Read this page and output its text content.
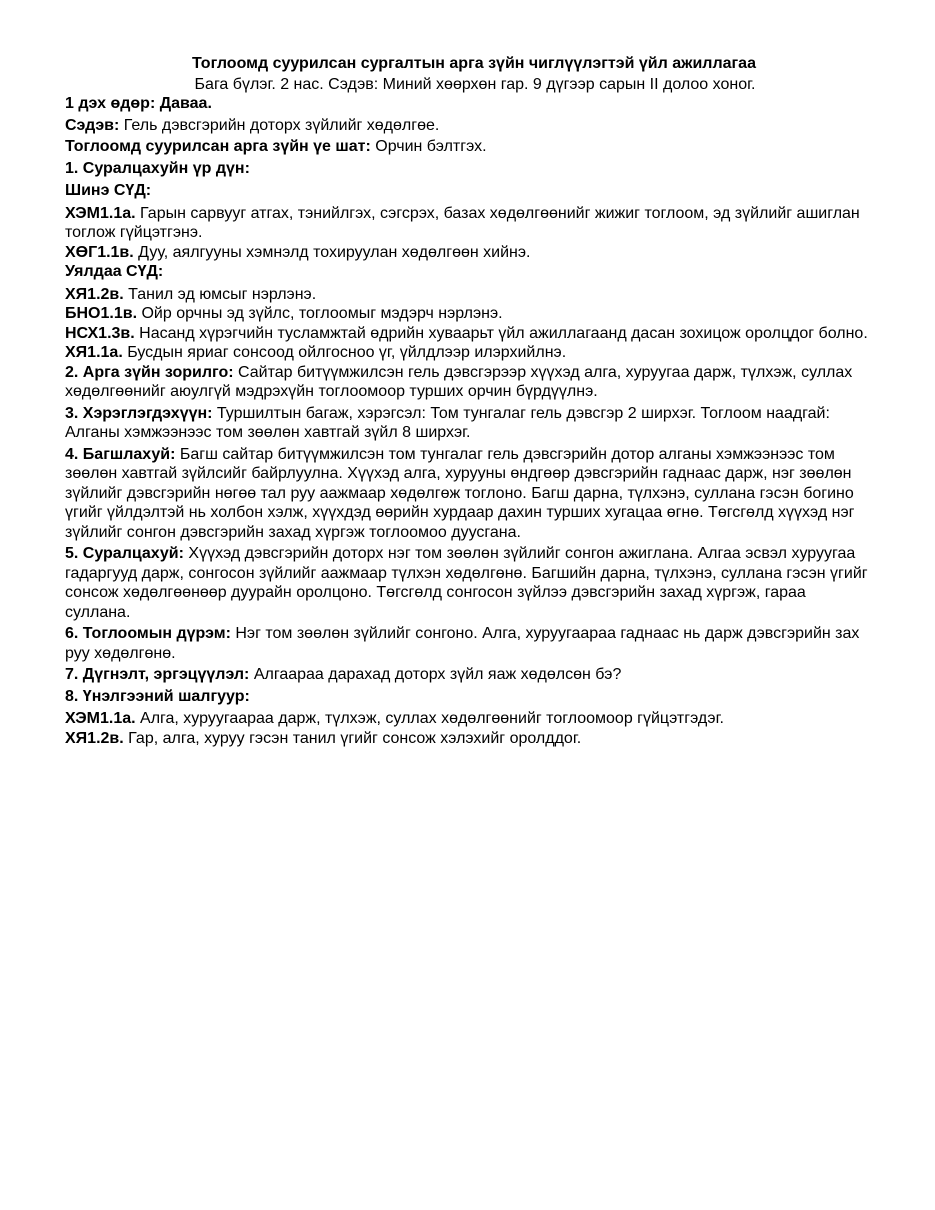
Тоглоомд суурилсан сургалтын арга зүйн чиглүүлэгтэй үйл ажиллагаа

Бага бүлэг. 2 нас. Сэдэв: Миний хөөрхөн гар. 9 дүгээр сарын II долоо хоног.

1 дэх өдөр: Даваа.

Сэдэв: Гель дэвсгэрийн доторх зүйлийг хөдөлгөе.

Тоглоомд суурилсан арга зүйн үе шат: Орчин бэлтгэх.

1. Суралцахуйн үр дүн:

Шинэ СҮД:

ХЭМ1.1а. Гарын сарвууг атгах, тэнийлгэх, сэгсрэх, базах хөдөлгөөнийг жижиг тоглоом, эд зүйлийг ашиглан тоглож гүйцэтгэнэ.

ХӨГ1.1в. Дуу, аялгууны хэмнэлд тохируулан хөдөлгөөн хийнэ.

Уялдаа СҮД:

ХЯ1.2в. Танил эд юмсыг нэрлэнэ.

БНО1.1в. Ойр орчны эд зүйлс, тоглоомыг мэдэрч нэрлэнэ.

НСХ1.3в. Насанд хүрэгчийн тусламжтай өдрийн хуваарьт үйл ажиллагаанд дасан зохицож оролцдог болно.

ХЯ1.1а. Бусдын яриаг сонсоод ойлгосноо үг, үйлдлээр илэрхийлнэ.

2. Арга зүйн зорилго: Сайтар битүүмжилсэн гель дэвсгэрээр хүүхэд алга, хуруугаа дарж, түлхэж, суллах хөдөлгөөнийг аюулгүй мэдрэхүйн тоглоомоор турших орчин бүрдүүлнэ.

3. Хэрэглэгдэхүүн: Туршилтын багаж, хэрэгсэл: Том тунгалаг гель дэвсгэр 2 ширхэг. Тоглоом наадгай: Алганы хэмжээнээс том зөөлөн хавтгай зүйл 8 ширхэг.

4. Багшлахуй: Багш сайтар битүүмжилсэн том тунгалаг гель дэвсгэрийн дотор алганы хэмжээнээс том зөөлөн хавтгай зүйлсийг байрлуулна. Хүүхэд алга, хурууны өндгөөр дэвсгэрийн гаднаас дарж, нэг зөөлөн зүйлийг дэвсгэрийн нөгөө тал руу аажмаар хөдөлгөж тоглоно. Багш дарна, түлхэнэ, суллана гэсэн богино үгийг үйлдэлтэй нь холбон хэлж, хүүхдэд өөрийн хурдаар дахин турших хугацаа өгнө. Төгсгөлд хүүхэд нэг зүйлийг сонгон дэвсгэрийн захад хүргэж тоглоомоо дуусгана.

5. Суралцахуй: Хүүхэд дэвсгэрийн доторх нэг том зөөлөн зүйлийг сонгон ажиглана. Алгаа эсвэл хуруугаа гадаргууд дарж, сонгосон зүйлийг аажмаар түлхэн хөдөлгөнө. Багшийн дарна, түлхэнэ, суллана гэсэн үгийг сонсож хөдөлгөөнөөр дуурайн оролцоно. Төгсгөлд сонгосон зүйлээ дэвсгэрийн захад хүргэж, гараа суллана.

6. Тоглоомын дүрэм: Нэг том зөөлөн зүйлийг сонгоно. Алга, хуруугаараа гаднаас нь дарж дэвсгэрийн зах руу хөдөлгөнө.

7. Дүгнэлт, эргэцүүлэл: Алгаараа дарахад доторх зүйл яаж хөдөлсөн бэ?

8. Үнэлгээний шалгуур:

ХЭМ1.1а. Алга, хуруугаараа дарж, түлхэж, суллах хөдөлгөөнийг тоглоомоор гүйцэтгэдэг.

ХЯ1.2в. Гар, алга, хуруу гэсэн танил үгийг сонсож хэлэхийг оролддог.
